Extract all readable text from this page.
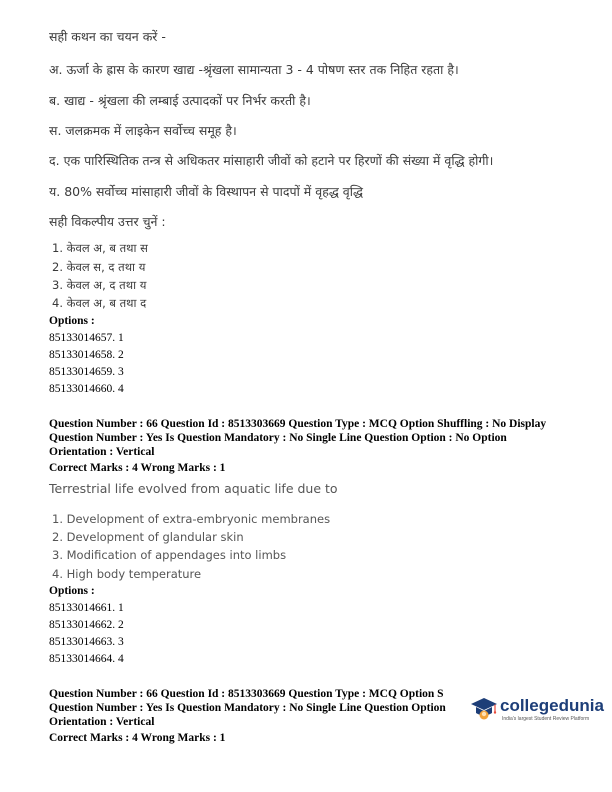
सही कथन का चयन करें -
अ. ऊर्जा के ह्रास के कारण खाद्य -श्रृंखला सामान्यता 3 - 4 पोषण स्तर तक निहित रहता है।
ब. खाद्य - श्रृंखला की लम्बाई उत्पादकों पर निर्भर करती है।
स. जलक्रमक में लाइकेन सर्वोच्च समूह है।
द. एक पारिस्थितिक तन्त्र से अधिकतर मांसाहारी जीवों को हटाने पर हिरणों की संख्या में वृद्धि होगी।
य. 80% सर्वोच्च मांसाहारी जीवों के विस्थापन से पादपों में वृहद्ध वृद्धि
सही विकल्पीय उत्तर चुनें :
1. केवल अ, ब तथा स
2. केवल स, द तथा य
3. केवल अ, द तथा य
4. केवल अ, ब तथा द
Options :
85133014657. 1
85133014658. 2
85133014659. 3
85133014660. 4
Question Number : 66 Question Id : 8513303669 Question Type : MCQ Option Shuffling : No Display
Question Number : Yes Is Question Mandatory : No Single Line Question Option : No Option
Orientation : Vertical
Correct Marks : 4 Wrong Marks : 1
Terrestrial life evolved from aquatic life due to
1. Development of extra-embryonic membranes
2. Development of glandular skin
3. Modification of appendages into limbs
4. High body temperature
Options :
85133014661. 1
85133014662. 2
85133014663. 3
85133014664. 4
Question Number : 66 Question Id : 8513303669 Question Type : MCQ Option S
Question Number : Yes Is Question Mandatory : No Single Line Question Option
Orientation : Vertical
Correct Marks : 4 Wrong Marks : 1
collegedunia
India's largest Student Review Platform
